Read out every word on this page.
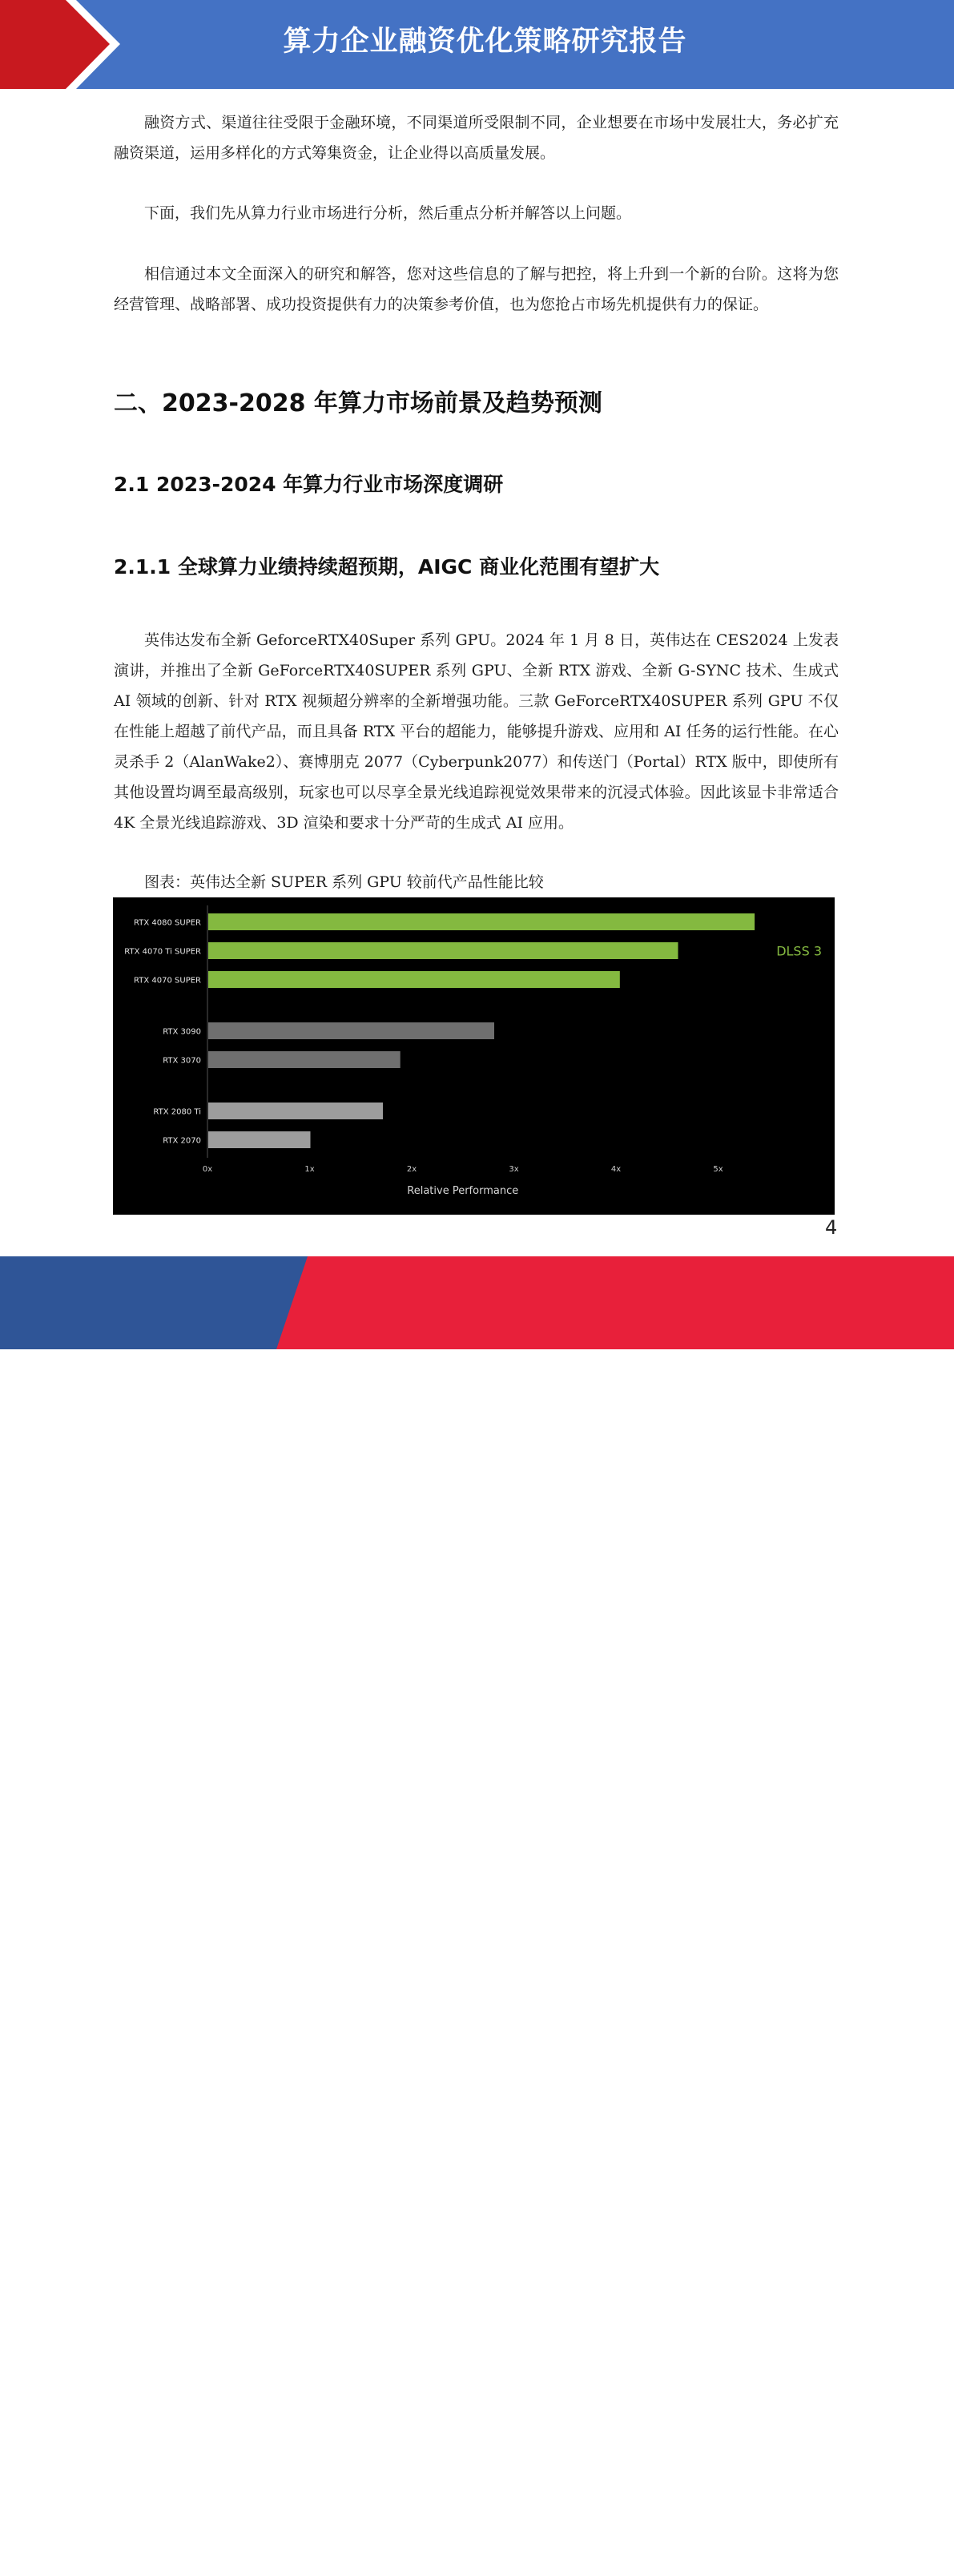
算力企业融资优化策略研究报告

融资方式、渠道往往受限于金融环境，不同渠道所受限制不同，企业想要在市场中发展壮大，务必扩充融资渠道，运用多样化的方式筹集资金，让企业得以高质量发展。

下面，我们先从算力行业市场进行分析，然后重点分析并解答以上问题。

相信通过本文全面深入的研究和解答，您对这些信息的了解与把控，将上升到一个新的台阶。这将为您经营管理、战略部署、成功投资提供有力的决策参考价值，也为您抢占市场先机提供有力的保证。

二、2023-2028 年算力市场前景及趋势预测
2.1 2023-2024 年算力行业市场深度调研
2.1.1 全球算力业绩持续超预期，AIGC 商业化范围有望扩大

英伟达发布全新 GeforceRTX40Super 系列 GPU。2024 年 1 月 8 日，英伟达在 CES2024 上发表演讲，并推出了全新 GeForceRTX40SUPER 系列 GPU、全新 RTX 游戏、全新 G-SYNC 技术、生成式 AI 领域的创新、针对 RTX 视频超分辨率的全新增强功能。三款 GeForceRTX40SUPER 系列 GPU 不仅在性能上超越了前代产品，而且具备 RTX 平台的超能力，能够提升游戏、应用和 AI 任务的运行性能。在心灵杀手 2（AlanWake2）、赛博朋克 2077（Cyberpunk2077）和传送门（Portal）RTX 版中，即使所有其他设置均调至最高级别，玩家也可以尽享全景光线追踪视觉效果带来的沉浸式体验。因此该显卡非常适合 4K 全景光线追踪游戏、3D 渲染和要求十分严苛的生成式 AI 应用。

图表：英伟达全新 SUPER 系列 GPU 较前代产品性能比较

RTX 4080 SUPER
RTX 4070 Ti SUPER
RTX 4070 SUPER
RTX 3090
RTX 3070
RTX 2080 Ti
RTX 2070
0x	1x	2x	3x	4x	5x
Relative Performance
DLSS 3
4
让每个人都能成为 行业专家、管理专家、营销专家、战略专家、成功企业家……
